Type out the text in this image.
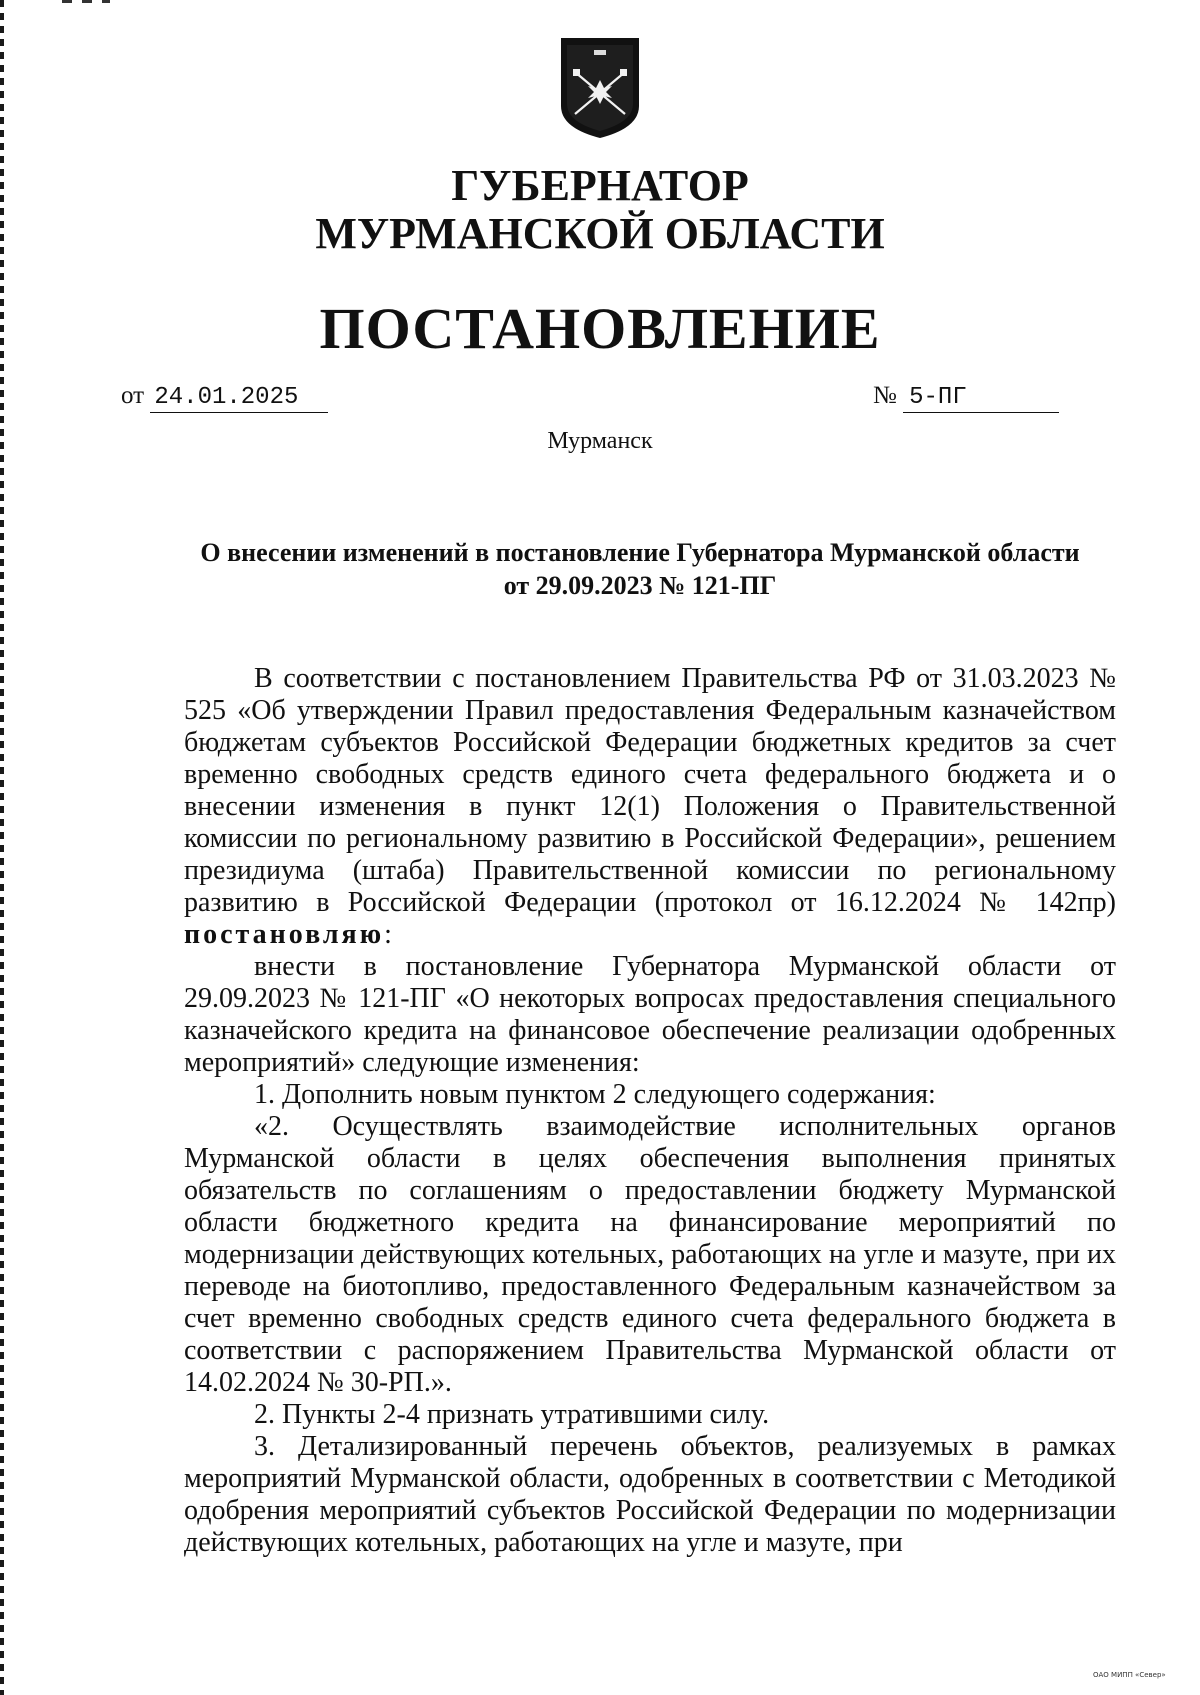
ГУБЕРНАТОР
МУРМАНСКОЙ ОБЛАСТИ
ПОСТАНОВЛЕНИЕ
от 24.01.2025	№ 5-ПГ
Мурманск
О внесении изменений в постановление Губернатора Мурманской области от 29.09.2023 № 121-ПГ

В соответствии с постановлением Правительства РФ от 31.03.2023 № 525 «Об утверждении Правил предоставления Федеральным казначейством бюджетам субъектов Российской Федерации бюджетных кредитов за счет временно свободных средств единого счета федерального бюджета и о внесении изменения в пункт 12(1) Положения о Правительственной комиссии по региональному развитию в Российской Федерации», решением президиума (штаба) Правительственной комиссии по региональному развитию в Российской Федерации (протокол от 16.12.2024 № 142пр) постановляю:

внести в постановление Губернатора Мурманской области от 29.09.2023 № 121-ПГ «О некоторых вопросах предоставления специального казначейского кредита на финансовое обеспечение реализации одобренных мероприятий» следующие изменения:

1. Дополнить новым пунктом 2 следующего содержания:

«2. Осуществлять взаимодействие исполнительных органов Мурманской области в целях обеспечения выполнения принятых обязательств по соглашениям о предоставлении бюджету Мурманской области бюджетного кредита на финансирование мероприятий по модернизации действующих котельных, работающих на угле и мазуте, при их переводе на биотопливо, предоставленного Федеральным казначейством за счет временно свободных средств единого счета федерального бюджета в соответствии с распоряжением Правительства Мурманской области от 14.02.2024 № 30-РП.».

2. Пункты 2-4 признать утратившими силу.

3. Детализированный перечень объектов, реализуемых в рамках мероприятий Мурманской области, одобренных в соответствии с Методикой одобрения мероприятий субъектов Российской Федерации по модернизации действующих котельных, работающих на угле и мазуте, при

ОАО МИПП «Север»
